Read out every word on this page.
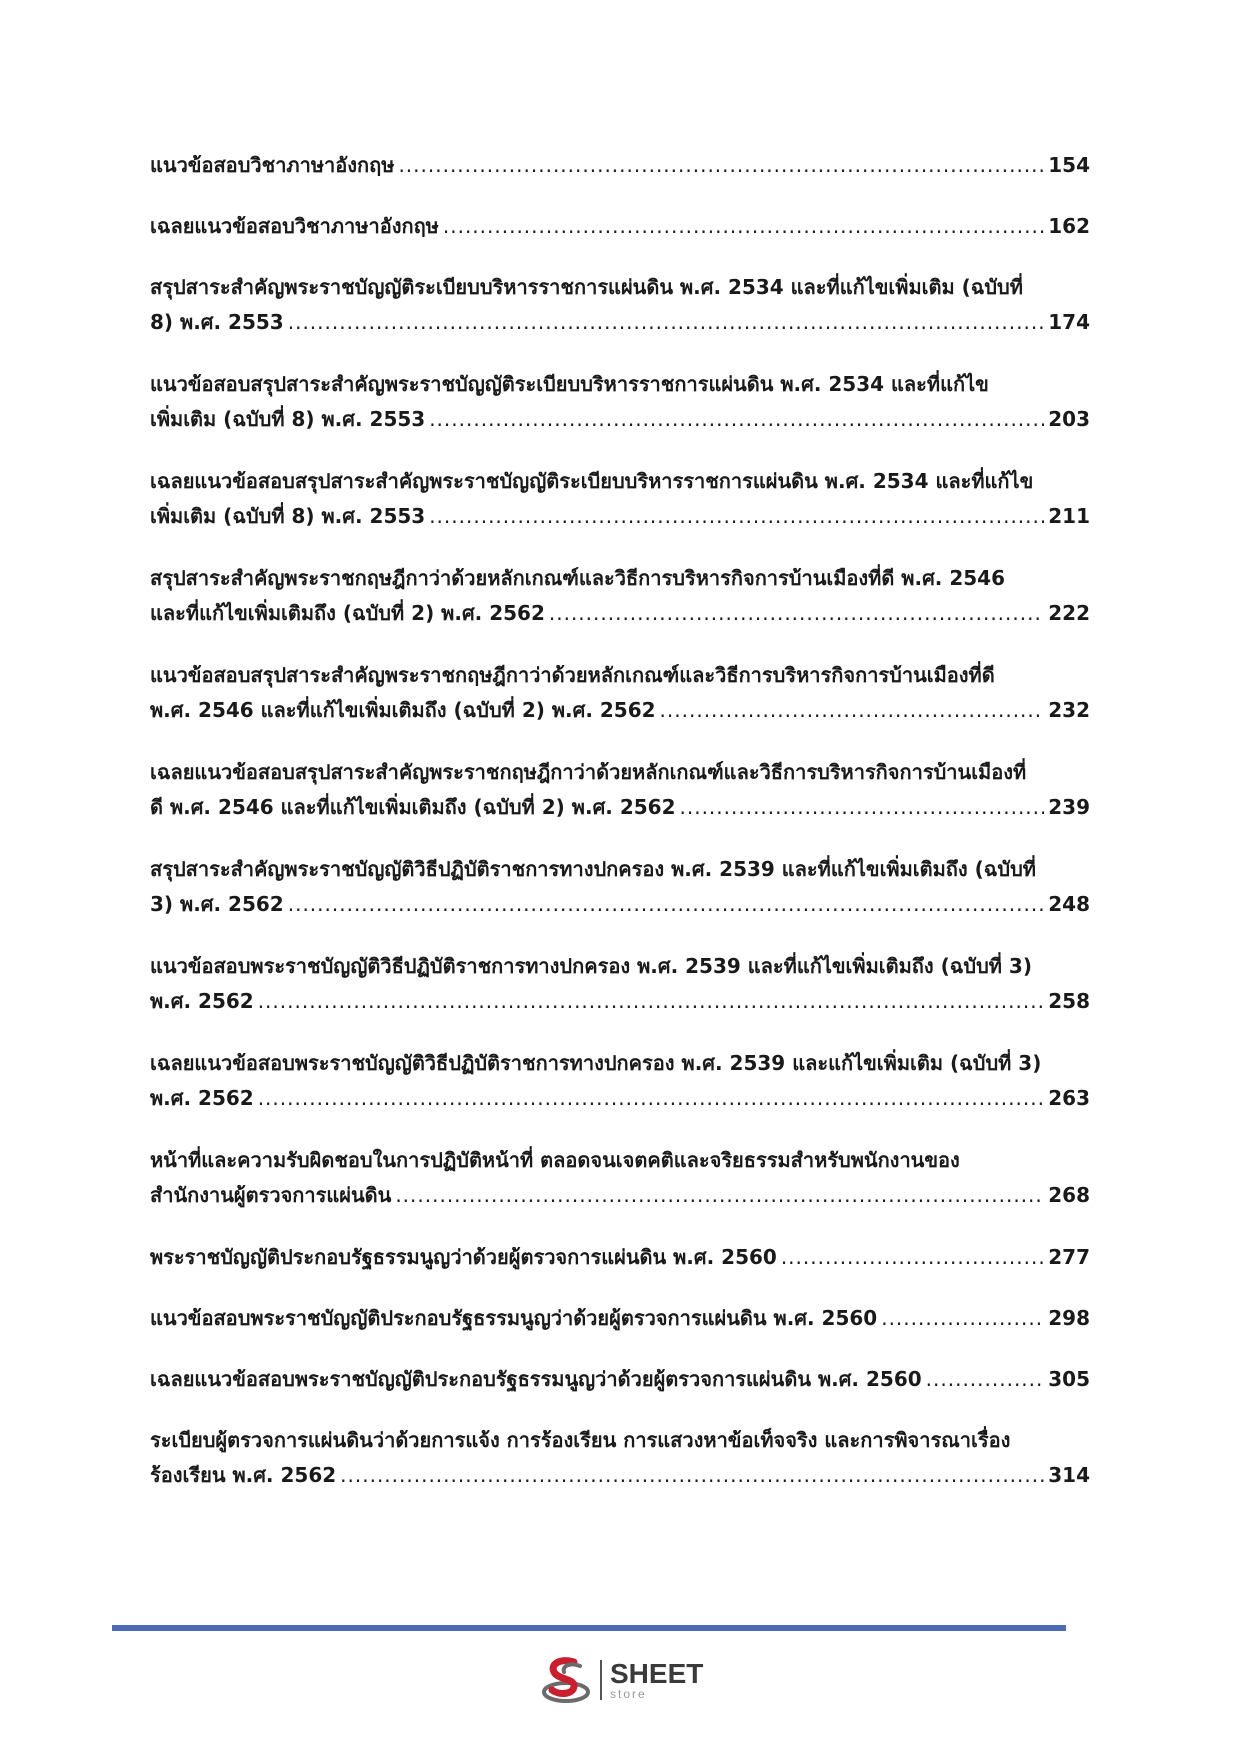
แนวข้อสอบวิชาภาษาอังกฤษ .....	154
เฉลยแนวข้อสอบวิชาภาษาอังกฤษ .....	162
สรุปสาระสำคัญพระราชบัญญัติระเบียบบริหารราชการแผ่นดิน พ.ศ. 2534 และที่แก้ไขเพิ่มเติม (ฉบับที่
8) พ.ศ. 2553 .....	174
แนวข้อสอบสรุปสาระสำคัญพระราชบัญญัติระเบียบบริหารราชการแผ่นดิน พ.ศ. 2534 และที่แก้ไข
เพิ่มเติม (ฉบับที่ 8) พ.ศ. 2553 .....	203
เฉลยแนวข้อสอบสรุปสาระสำคัญพระราชบัญญัติระเบียบบริหารราชการแผ่นดิน พ.ศ. 2534 และที่แก้ไข
เพิ่มเติม (ฉบับที่ 8) พ.ศ. 2553 .....	211
สรุปสาระสำคัญพระราชกฤษฎีกาว่าด้วยหลักเกณฑ์และวิธีการบริหารกิจการบ้านเมืองที่ดี พ.ศ. 2546
และที่แก้ไขเพิ่มเติมถึง (ฉบับที่ 2) พ.ศ. 2562 .....	222
แนวข้อสอบสรุปสาระสำคัญพระราชกฤษฎีกาว่าด้วยหลักเกณฑ์และวิธีการบริหารกิจการบ้านเมืองที่ดี
พ.ศ. 2546 และที่แก้ไขเพิ่มเติมถึง (ฉบับที่ 2) พ.ศ. 2562 .....	232
เฉลยแนวข้อสอบสรุปสาระสำคัญพระราชกฤษฎีกาว่าด้วยหลักเกณฑ์และวิธีการบริหารกิจการบ้านเมืองที่
ดี พ.ศ. 2546 และที่แก้ไขเพิ่มเติมถึง (ฉบับที่ 2) พ.ศ. 2562 .....	239
สรุปสาระสำคัญพระราชบัญญัติวิธีปฏิบัติราชการทางปกครอง พ.ศ. 2539 และที่แก้ไขเพิ่มเติมถึง (ฉบับที่
3) พ.ศ. 2562 .....	248
แนวข้อสอบพระราชบัญญัติวิธีปฏิบัติราชการทางปกครอง พ.ศ. 2539 และที่แก้ไขเพิ่มเติมถึง (ฉบับที่ 3)
พ.ศ. 2562 .....	258
เฉลยแนวข้อสอบพระราชบัญญัติวิธีปฏิบัติราชการทางปกครอง พ.ศ. 2539 และแก้ไขเพิ่มเติม (ฉบับที่ 3)
พ.ศ. 2562 .....	263
หน้าที่และความรับผิดชอบในการปฏิบัติหน้าที่ ตลอดจนเจตคติและจริยธรรมสำหรับพนักงานของ
สำนักงานผู้ตรวจการแผ่นดิน .....	268
พระราชบัญญัติประกอบรัฐธรรมนูญว่าด้วยผู้ตรวจการแผ่นดิน พ.ศ. 2560 .....	277
แนวข้อสอบพระราชบัญญัติประกอบรัฐธรรมนูญว่าด้วยผู้ตรวจการแผ่นดิน พ.ศ. 2560 .....	298
เฉลยแนวข้อสอบพระราชบัญญัติประกอบรัฐธรรมนูญว่าด้วยผู้ตรวจการแผ่นดิน พ.ศ. 2560 .....	305
ระเบียบผู้ตรวจการแผ่นดินว่าด้วยการแจ้ง การร้องเรียน การแสวงหาข้อเท็จจริง และการพิจารณาเรื่อง
ร้องเรียน พ.ศ. 2562 .....	314
SHEET
store
